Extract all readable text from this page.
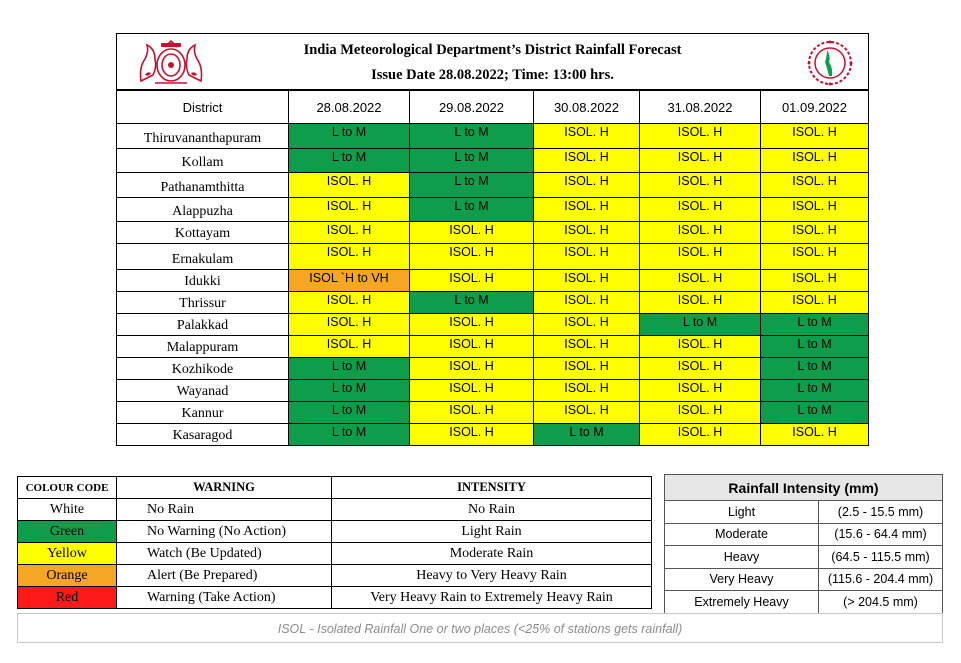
India Meteorological Department’s District Rainfall Forecast
Issue Date 28.08.2022; Time: 13:00 hrs.
District	28.08.2022	29.08.2022	30.08.2022	31.08.2022	01.09.2022
Thiruvananthapuram	L to M	L to M	ISOL. H	ISOL. H	ISOL. H
Kollam	L to M	L to M	ISOL. H	ISOL. H	ISOL. H
Pathanamthitta	ISOL. H	L to M	ISOL. H	ISOL. H	ISOL. H
Alappuzha	ISOL. H	L to M	ISOL. H	ISOL. H	ISOL. H
Kottayam	ISOL. H	ISOL. H	ISOL. H	ISOL. H	ISOL. H
Ernakulam	ISOL. H	ISOL. H	ISOL. H	ISOL. H	ISOL. H
Idukki	ISOL `H to VH	ISOL. H	ISOL. H	ISOL. H	ISOL. H
Thrissur	ISOL. H	L to M	ISOL. H	ISOL. H	ISOL. H
Palakkad	ISOL. H	ISOL. H	ISOL. H	L to M	L to M
Malappuram	ISOL. H	ISOL. H	ISOL. H	ISOL. H	L to M
Kozhikode	L to M	ISOL. H	ISOL. H	ISOL. H	L to M
Wayanad	L to M	ISOL. H	ISOL. H	ISOL. H	L to M
Kannur	L to M	ISOL. H	ISOL. H	ISOL. H	L to M
Kasaragod	L to M	ISOL. H	L to M	ISOL. H	ISOL. H
COLOUR CODE	WARNING	INTENSITY
White	No Rain	No Rain
Green	No Warning (No Action)	Light Rain
Yellow	Watch (Be Updated)	Moderate Rain
Orange	Alert (Be Prepared)	Heavy to Very Heavy Rain
Red	Warning (Take Action)	Very Heavy Rain to Extremely Heavy Rain
Rainfall Intensity (mm)	
Light	(2.5 - 15.5 mm)
Moderate	(15.6 - 64.4 mm)
Heavy	(64.5 - 115.5 mm)
Very Heavy	(115.6 - 204.4 mm)
Extremely Heavy	(> 204.5 mm)
ISOL - Isolated Rainfall One or two places (<25% of stations gets rainfall)
